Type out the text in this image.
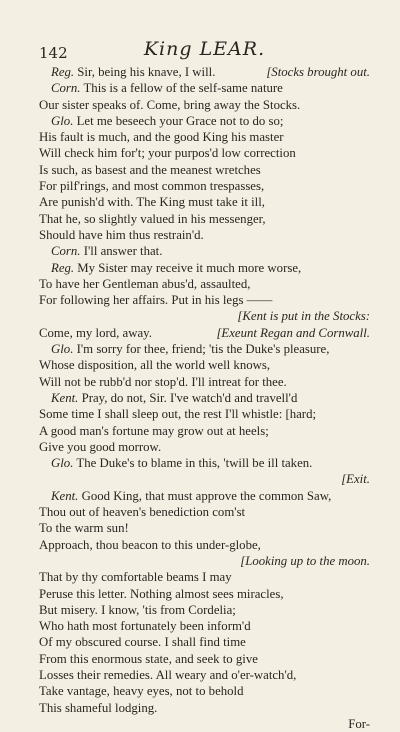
142	King LEAR.
Reg. Sir, being his knave, I will.	[Stocks brought out.
Corn. This is a fellow of the self-same nature
Our sister speaks of. Come, bring away the Stocks.
Glo. Let me beseech your Grace not to do so;
His fault is much, and the good King his master
Will check him for't; your purpos'd low correction
Is such, as basest and the meanest wretches
For pilf'rings, and most common trespasses,
Are punish'd with. The King must take it ill,
That he, so slightly valued in his messenger,
Should have him thus restrain'd.
Corn. I'll answer that.
Reg. My Sister may receive it much more worse,
To have her Gentleman abus'd, assaulted,
For following her affairs. Put in his legs ——
[Kent is put in the Stocks:
Come, my lord, away.	[Exeunt Regan and Cornwall.
Glo. I'm sorry for thee, friend; 'tis the Duke's pleasure,
Whose disposition, all the world well knows,
Will not be rubb'd nor stop'd. I'll intreat for thee.
Kent. Pray, do not, Sir. I've watch'd and travell'd
Some time I shall sleep out, the rest I'll whistle: [hard;
A good man's fortune may grow out at heels;
Give you good morrow.
Glo. The Duke's to blame in this, 'twill be ill taken.
[Exit.
Kent. Good King, that must approve the common Saw,
Thou out of heaven's benediction com'st
To the warm sun!
Approach, thou beacon to this under-globe,
[Looking up to the moon.
That by thy comfortable beams I may
Peruse this letter. Nothing almost sees miracles,
But misery. I know, 'tis from Cordelia;
Who hath most fortunately been inform'd
Of my obscured course. I shall find time
From this enormous state, and seek to give
Losses their remedies. All weary and o'er-watch'd,
Take vantage, heavy eyes, not to behold
This shameful lodging.
For-
